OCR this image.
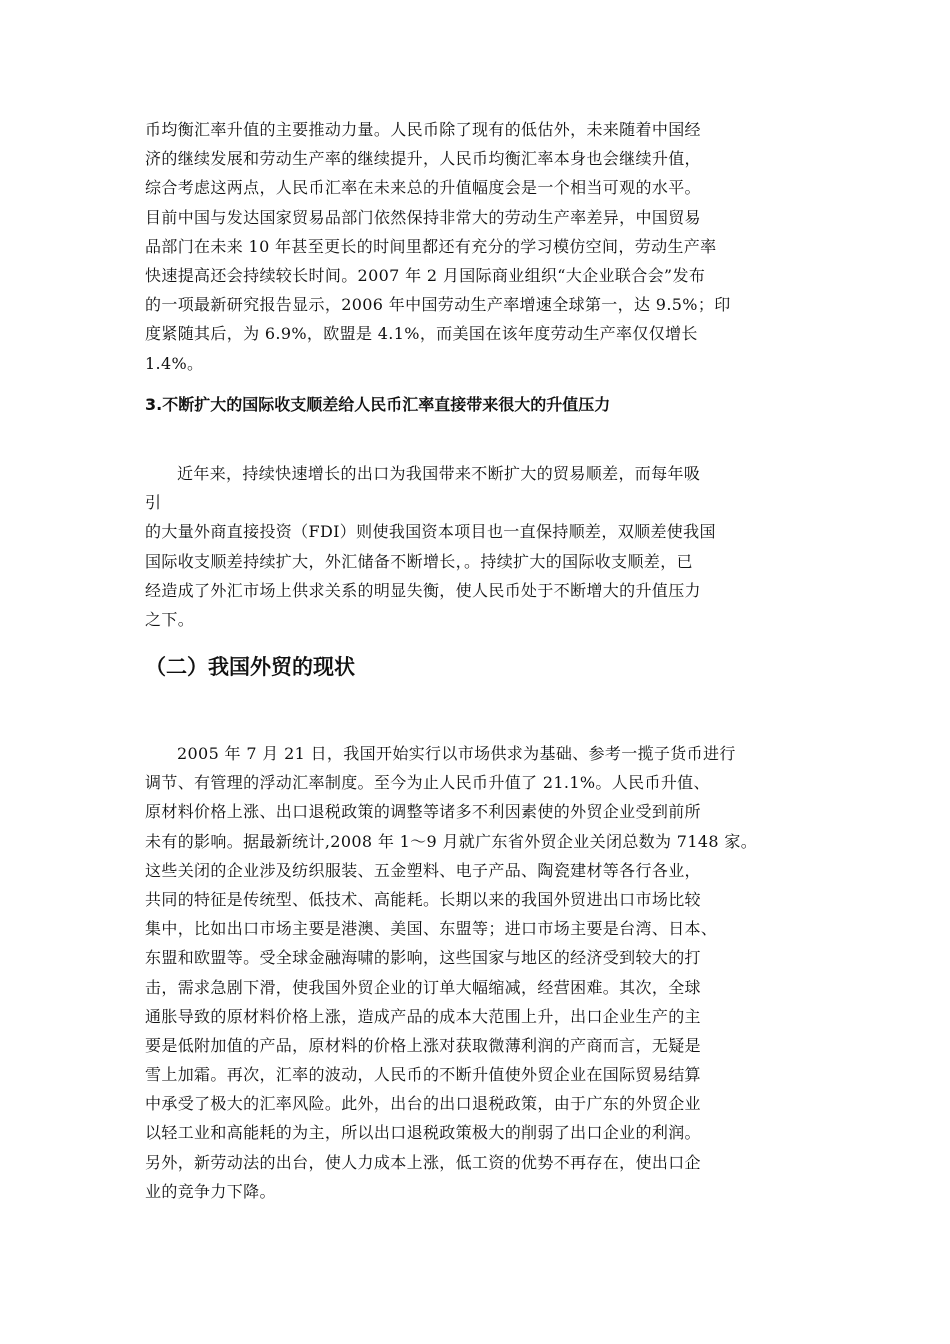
币均衡汇率升值的主要推动力量。人民币除了现有的低估外，未来随着中国经
济的继续发展和劳动生产率的继续提升，人民币均衡汇率本身也会继续升值，
综合考虑这两点，人民币汇率在未来总的升值幅度会是一个相当可观的水平。
目前中国与发达国家贸易品部门依然保持非常大的劳动生产率差异，中国贸易
品部门在未来 10 年甚至更长的时间里都还有充分的学习模仿空间，劳动生产率
快速提高还会持续较长时间。2007 年 2 月国际商业组织“大企业联合会”发布
的一项最新研究报告显示，2006 年中国劳动生产率增速全球第一，达 9.5%；印
度紧随其后，为 6.9%，欧盟是 4.1%，而美国在该年度劳动生产率仅仅增长
1.4%。
3.不断扩大的国际收支顺差给人民币汇率直接带来很大的升值压力
近年来，持续快速增长的出口为我国带来不断扩大的贸易顺差，而每年吸
引
的大量外商直接投资（FDI）则使我国资本项目也一直保持顺差，双顺差使我国
国际收支顺差持续扩大，外汇储备不断增长，。持续扩大的国际收支顺差，已
经造成了外汇市场上供求关系的明显失衡，使人民币处于不断增大的升值压力
之下。
（二）我国外贸的现状
2005 年 7 月 21 日，我国开始实行以市场供求为基础、参考一揽子货币进行
调节、有管理的浮动汇率制度。至今为止人民币升值了 21.1%。人民币升值、
原材料价格上涨、出口退税政策的调整等诸多不利因素使的外贸企业受到前所
未有的影响。据最新统计,2008 年 1～9 月就广东省外贸企业关闭总数为 7148 家。
这些关闭的企业涉及纺织服装、五金塑料、电子产品、陶瓷建材等各行各业，
共同的特征是传统型、低技术、高能耗。长期以来的我国外贸进出口市场比较
集中，比如出口市场主要是港澳、美国、东盟等；进口市场主要是台湾、日本、
东盟和欧盟等。受全球金融海啸的影响，这些国家与地区的经济受到较大的打
击，需求急剧下滑，使我国外贸企业的订单大幅缩减，经营困难。其次，全球
通胀导致的原材料价格上涨，造成产品的成本大范围上升，出口企业生产的主
要是低附加值的产品，原材料的价格上涨对获取微薄利润的产商而言，无疑是
雪上加霜。再次，汇率的波动，人民币的不断升值使外贸企业在国际贸易结算
中承受了极大的汇率风险。此外，出台的出口退税政策，由于广东的外贸企业
以轻工业和高能耗的为主，所以出口退税政策极大的削弱了出口企业的利润。
另外，新劳动法的出台，使人力成本上涨，低工资的优势不再存在，使出口企
业的竞争力下降。
